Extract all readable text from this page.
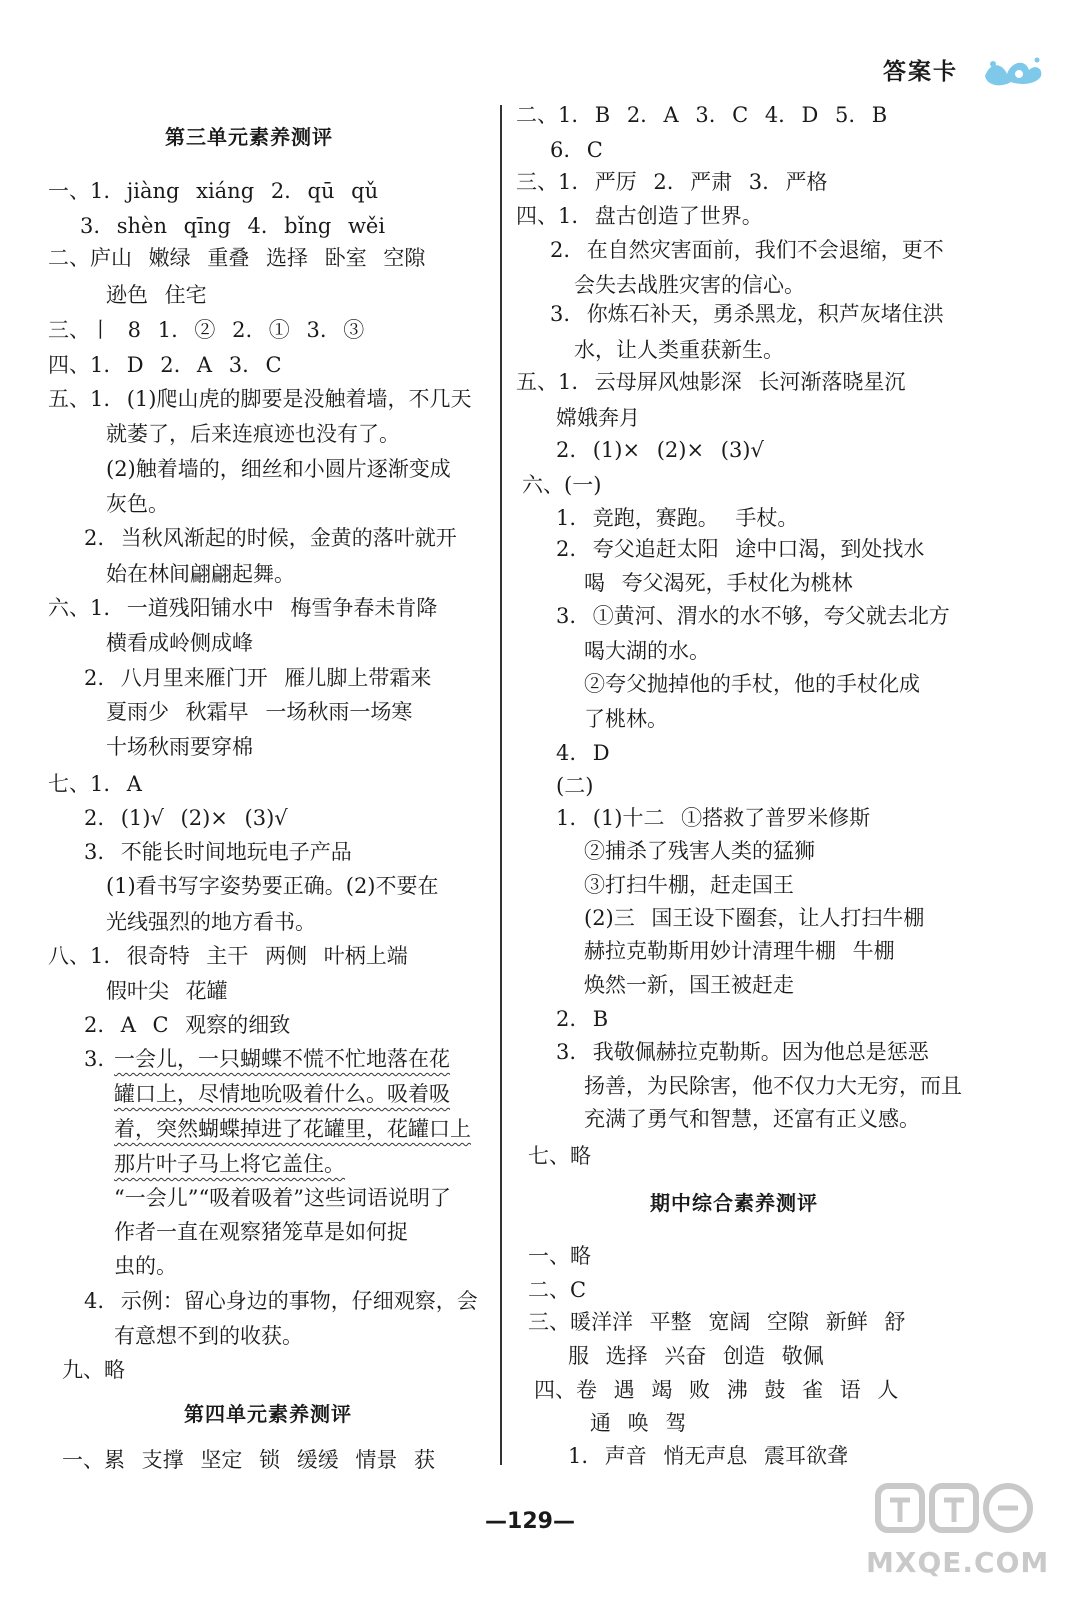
答案卡
第三单元素养测评
一、1. jiàng xiáng 2. qū qǔ
3. shèn qīng 4. bǐng wěi
二、庐山 嫩绿 重叠 选择 卧室 空隙
逊色 住宅
三、丨 8 1. ② 2. ① 3. ③
四、1. D 2. A 3. C
五、1. (1)爬山虎的脚要是没触着墙，不几天
就萎了，后来连痕迹也没有了。
(2)触着墙的，细丝和小圆片逐渐变成
灰色。
2. 当秋风渐起的时候，金黄的落叶就开
始在林间翩翩起舞。
六、1. 一道残阳铺水中 梅雪争春未肯降
横看成岭侧成峰
2. 八月里来雁门开 雁儿脚上带霜来
夏雨少 秋霜早 一场秋雨一场寒
十场秋雨要穿棉
七、1. A
2. (1)√ (2)× (3)√
3. 不能长时间地玩电子产品
(1)看书写字姿势要正确。(2)不要在
光线强烈的地方看书。
八、1. 很奇特 主干 两侧 叶柄上端
假叶尖 花罐
2. A C 观察的细致
3. 一会儿，一只蝴蝶不慌不忙地落在花
罐口上，尽情地吮吸着什么。吸着吸
着，突然蝴蝶掉进了花罐里，花罐口上
那片叶子马上将它盖住。
“一会儿”“吸着吸着”这些词语说明了
作者一直在观察猪笼草是如何捉
虫的。
4. 示例：留心身边的事物，仔细观察，会
有意想不到的收获。
九、略
第四单元素养测评
一、累 支撑 坚定 锁 缓缓 情景 获
二、1. B 2. A 3. C 4. D 5. B
6. C
三、1. 严厉 2. 严肃 3. 严格
四、1. 盘古创造了世界。
2. 在自然灾害面前，我们不会退缩，更不
会失去战胜灾害的信心。
3. 你炼石补天，勇杀黑龙，积芦灰堵住洪
水，让人类重获新生。
五、1. 云母屏风烛影深 长河渐落晓星沉
嫦娥奔月
2. (1)× (2)× (3)√
六、(一)
1. 竞跑，赛跑。 手杖。
2. 夸父追赶太阳 途中口渴，到处找水
喝 夸父渴死，手杖化为桃林
3. ①黄河、渭水的水不够，夸父就去北方
喝大湖的水。
②夸父抛掉他的手杖，他的手杖化成
了桃林。
4. D
(二)
1. (1)十二 ①搭救了普罗米修斯
②捕杀了残害人类的猛狮
③打扫牛棚，赶走国王
(2)三 国王设下圈套，让人打扫牛棚
赫拉克勒斯用妙计清理牛棚 牛棚
焕然一新，国王被赶走
2. B
3. 我敬佩赫拉克勒斯。因为他总是惩恶
扬善，为民除害，他不仅力大无穷，而且
充满了勇气和智慧，还富有正义感。
七、略
期中综合素养测评
一、略
二、C
三、暖洋洋 平整 宽阔 空隙 新鲜 舒
服 选择 兴奋 创造 敬佩
四、卷 遇 竭 败 沸 鼓 雀 语 人
通 唤 驾
1. 声音 悄无声息 震耳欲聋
—129—
MXQE.COM
